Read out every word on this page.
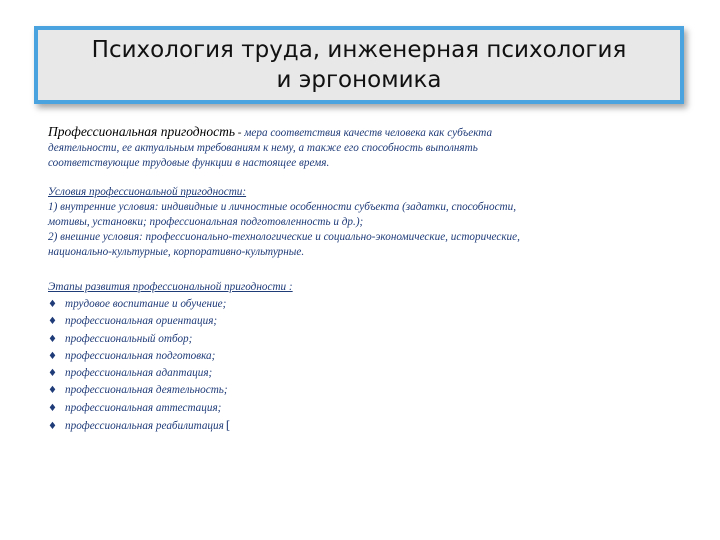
Психология труда, инженерная психология
и эргономика

Профессиональная пригодность - мера соответствия качеств человека как субъекта
деятельности, ее актуальным требованиям к нему, а также его способность выполнять
соответствующие трудовые функции в настоящее время.

Условия профессиональной пригодности:
1) внутренние условия: индивидные и личностные особенности субъекта (задатки, способности,
мотивы, установки; профессиональная подготовленность и др.);
2) внешние условия: профессионально-технологические и социально-экономические, исторические,
национально-культурные, корпоративно-культурные.
Этапы развития профессиональной пригодности :
♦ трудовое воспитание и обучение;
♦ профессиональная ориентация;
♦ профессиональный отбор;
♦ профессиональная подготовка;
♦ профессиональная адаптация;
♦ профессиональная деятельность;
♦ профессиональная аттестация;
♦ профессиональная реабилитация [
